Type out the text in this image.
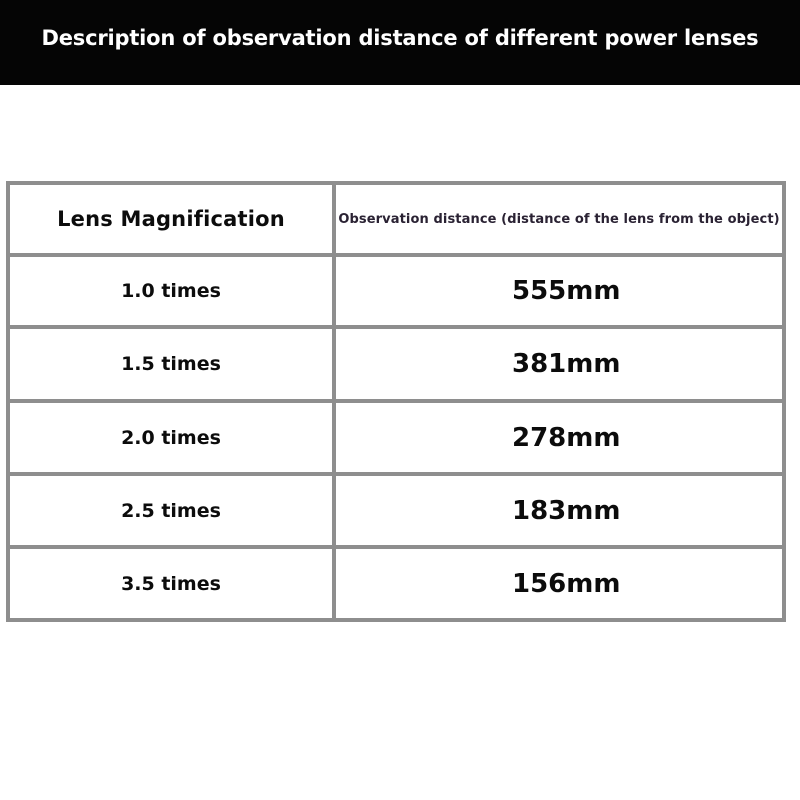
Description of observation distance of different power lenses
Lens Magnification	Observation distance (distance of the lens from the object)
1.0 times	555mm
1.5 times	381mm
2.0 times	278mm
2.5 times	183mm
3.5 times	156mm
